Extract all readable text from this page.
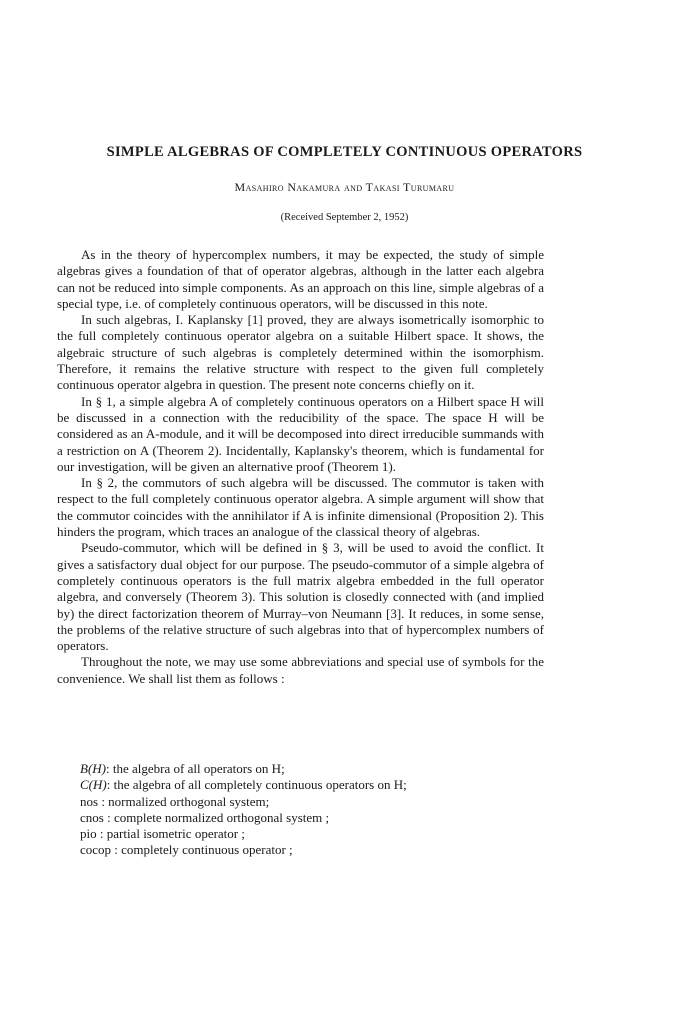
SIMPLE ALGEBRAS OF COMPLETELY CONTINUOUS OPERATORS
Masahiro Nakamura and Takasi Turumaru
(Received September 2, 1952)

As in the theory of hypercomplex numbers, it may be expected, the study of simple algebras gives a foundation of that of operator algebras, although in the latter each algebra can not be reduced into simple components. As an approach on this line, simple algebras of a special type, i.e. of completely continuous operators, will be discussed in this note.

In such algebras, I. Kaplansky [1] proved, they are always isometrically isomorphic to the full completely continuous operator algebra on a suitable Hilbert space. It shows, the algebraic structure of such algebras is completely determined within the isomorphism. Therefore, it remains the relative structure with respect to the given full completely continuous operator algebra in question. The present note concerns chiefly on it.

In § 1, a simple algebra A of completely continuous operators on a Hilbert space H will be discussed in a connection with the reducibility of the space. The space H will be considered as an A-module, and it will be decomposed into direct irreducible summands with a restriction on A (Theorem 2). Incidentally, Kaplansky's theorem, which is fundamental for our investigation, will be given an alternative proof (Theorem 1).

In § 2, the commutors of such algebra will be discussed. The commutor is taken with respect to the full completely continuous operator algebra. A simple argument will show that the commutor coincides with the annihilator if A is infinite dimensional (Proposition 2). This hinders the program, which traces an analogue of the classical theory of algebras.

Pseudo-commutor, which will be defined in § 3, will be used to avoid the conflict. It gives a satisfactory dual object for our purpose. The pseudo-commutor of a simple algebra of completely continuous operators is the full matrix algebra embedded in the full operator algebra, and conversely (Theorem 3). This solution is closedly connected with (and implied by) the direct factorization theorem of Murray–von Neumann [3]. It reduces, in some sense, the problems of the relative structure of such algebras into that of hypercomplex numbers of operators.

Throughout the note, we may use some abbreviations and special use of symbols for the convenience. We shall list them as follows :

B(H): the algebra of all operators on H;
C(H): the algebra of all completely continuous operators on H;
nos : normalized orthogonal system;
cnos : complete normalized orthogonal system ;
pio : partial isometric operator ;
cocop : completely continuous operator ;
